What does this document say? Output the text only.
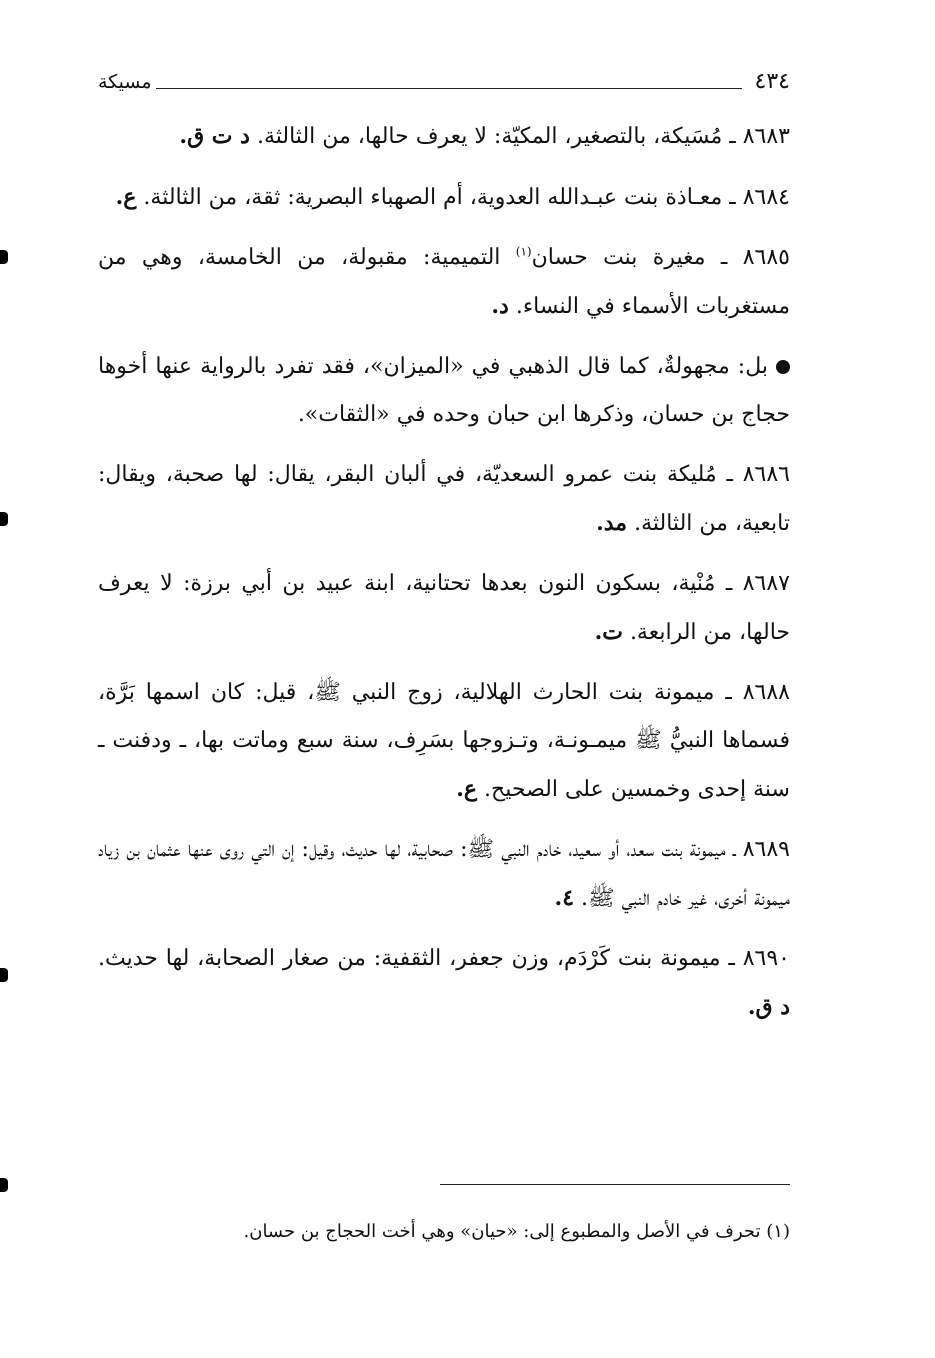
٤٣٤
مسيكة

٨٦٨٣ ـ مُسَيكة، بالتصغير، المكيّة: لا يعرف حالها، من الثالثة. د ت ق.

٨٦٨٤ ـ معـاذة بنت عبـدالله العدوية، أم الصهباء البصرية: ثقة، من الثالثة. ع.

٨٦٨٥ ـ مغيرة بنت حسان$^{(١)}$ التميمية: مقبولة، من الخامسة، وهي من مستغربات الأسماء في النساء. د.

بل: مجهولةٌ، كما قال الذهبي في «الميزان»، فقد تفرد بالرواية عنها أخوها حجاج بن حسان، وذكرها ابن حبان وحده في «الثقات».

٨٦٨٦ ـ مُليكة بنت عمرو السعديّة، في ألبان البقر، يقال: لها صحبة، ويقال: تابعية، من الثالثة. مد.

٨٦٨٧ ـ مُنْية، بسكون النون بعدها تحتانية، ابنة عبيد بن أبي برزة: لا يعرف حالها، من الرابعة. ت.

٨٦٨٨ ـ ميمونة بنت الحارث الهلالية، زوج النبي ﷺ، قيل: كان اسمها بَرَّة، فسماها النبيُّ ﷺ ميمـونـة، وتـزوجها بسَرِف، سنة سبع وماتت بها، ـ ودفنت ـ سنة إحدى وخمسين على الصحيح. ع.

٨٦٨٩ ـ ميمونة بنت سعد، أو سعيد، خادم النبي ﷺ: صحابية، لها حديث، وقيل: إن التي روى عنها عثمان بن زياد ميمونة أخرى، غير خادم النبي ﷺ. ٤.

٨٦٩٠ ـ ميمونة بنت كَرْدَم، وزن جعفر، الثقفية: من صغار الصحابة، لها حديث. د ق.

(١) تحرف في الأصل والمطبوع إلى: «حيان» وهي أخت الحجاج بن حسان.
